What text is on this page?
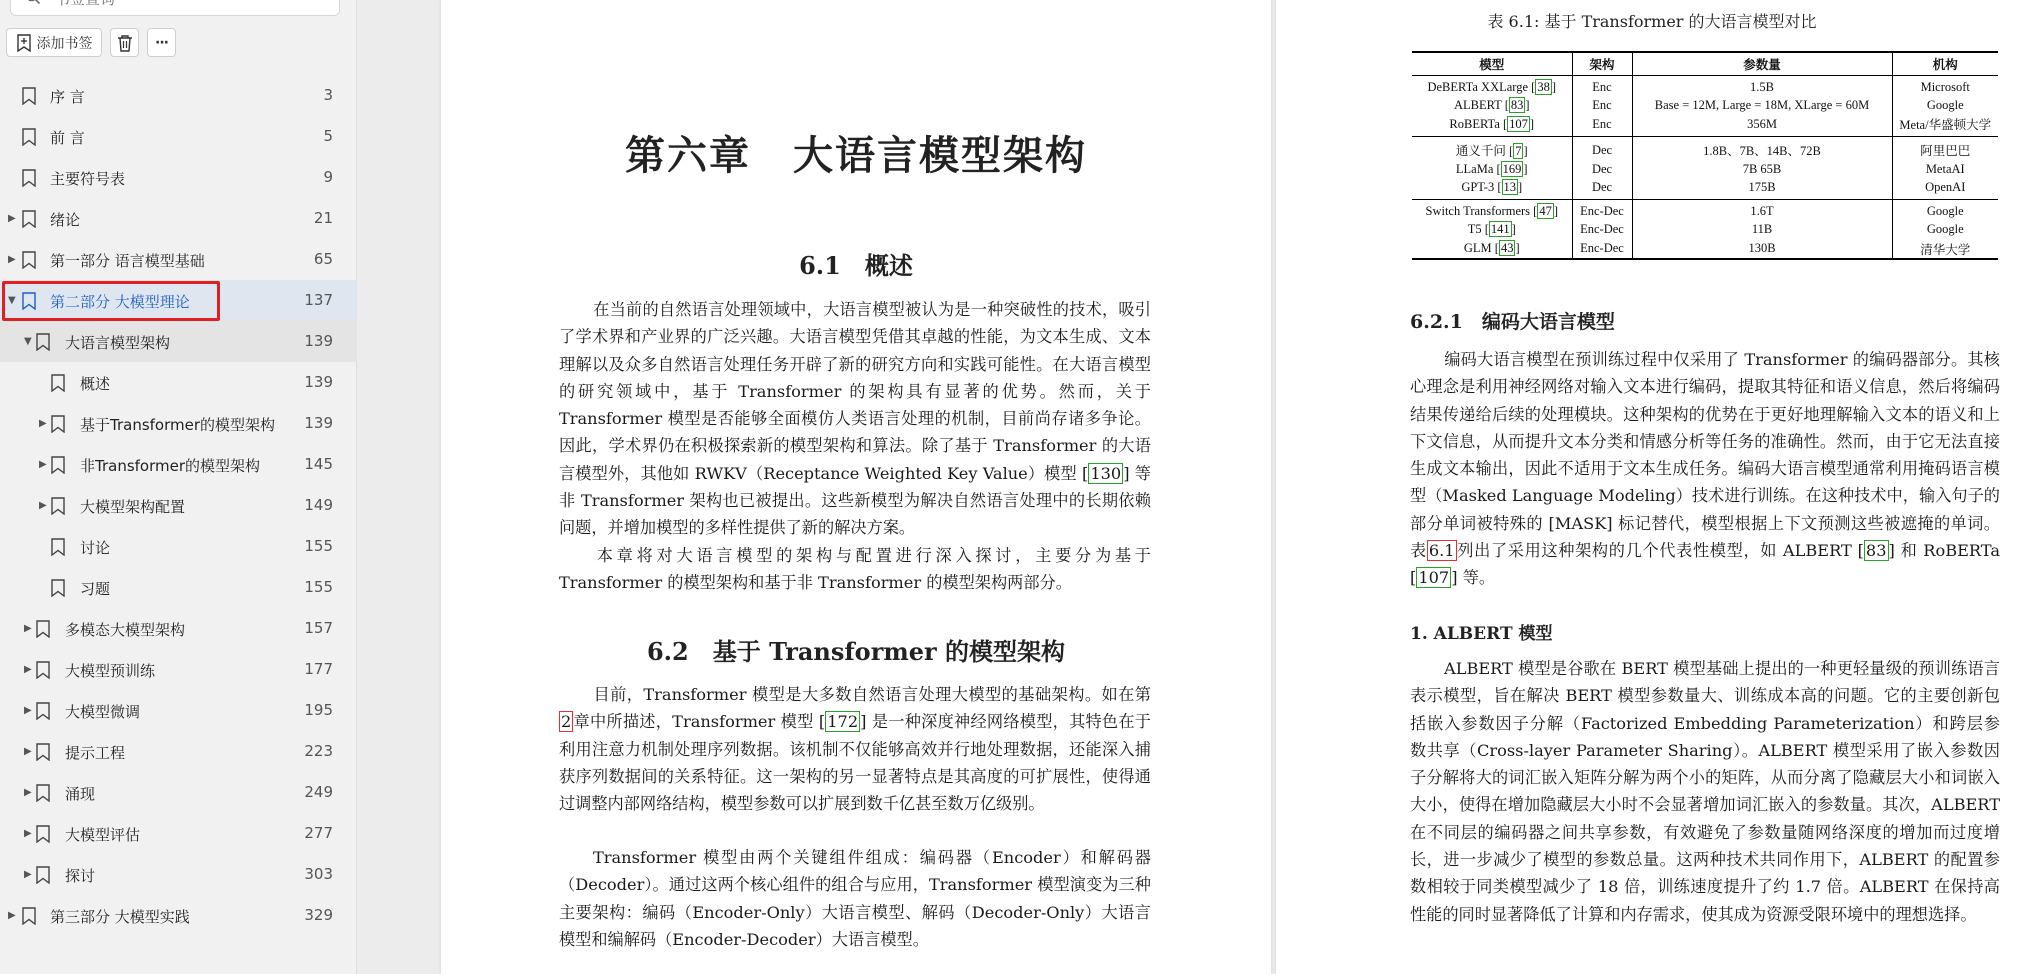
书签查询
添加书签	···
序 言	3
前 言	5
主要符号表	9
▶ 绪论	21
▶ 第一部分 语言模型基础	65
▼ 第二部分 大模型理论	137
▼ 大语言模型架构	139
概述	139
▶ 基于Transformer的模型架构 139
▶ 非Transformer的模型架构	145
▶ 大模型架构配置	149
讨论	155
习题	155
▶ 多模态大模型架构	157
▶ 大模型预训练	177
▶ 大模型微调	195
▶ 提示工程	223
▶ 涌现	249
▶ 大模型评估	277
▶ 探讨	303
▶ 第三部分 大模型实践	329
第六章　大语言模型架构
6.1　概述
在当前的自然语言处理领域中，大语言模型被认为是一种突破性的技术，吸引了学术界和产业界的广泛兴趣。大语言模型凭借其卓越的性能，为文本生成、文本理解以及众多自然语言处理任务开辟了新的研究方向和实践可能性。在大语言模型的研究领域中，基于 Transformer 的架构具有显著的优势。然而，关于 Transformer 模型是否能够全面模仿人类语言处理的机制，目前尚存诸多争论。因此，学术界仍在积极探索新的模型架构和算法。除了基于 Transformer 的大语言模型外，其他如 RWKV（Receptance Weighted Key Value）模型 [ 130 ] 等非 Transformer 架构也已被提出。这些新模型为解决自然语言处理中的长期依赖问题，并增加模型的多样性提供了新的解决方案。
本章将对大语言模型的架构与配置进行深入探讨，主要分为基于 Transformer 的模型架构和基于非 Transformer 的模型架构两部分。
6.2　基于 Transformer 的模型架构
目前，Transformer 模型是大多数自然语言处理大模型的基础架构。如在第2 章中所描述，Transformer 模型 [ 172 ] 是一种深度神经网络模型，其特色在于利用注意力机制处理序列数据。该机制不仅能够高效并行地处理数据，还能深入捕获序列数据间的关系特征。这一架构的另一显著特点是其高度的可扩展性，使得通过调整内部网络结构，模型参数可以扩展到数千亿甚至数万亿级别。
Transformer 模型由两个关键组件组成：编码器（Encoder）和解码器（Decoder）。通过这两个核心组件的组合与应用，Transformer 模型演变为三种主要架构：编码（Encoder-Only）大语言模型、解码（Decoder-Only）大语言模型和编解码（Encoder-Decoder）大语言模型。
表 6.1: 基于 Transformer 的大语言模型对比
模型	架构	参数量	机构
DeBERTa XXLarge [ 38 ]	Enc	1.5B	Microsoft
ALBERT [ 83 ]	Enc	Base = 12M, Large = 18M, XLarge = 60M	Google
RoBERTa [ 107 ]	Enc	356M	Meta/华盛顿大学
通义千问 [ 7 ]	Dec	1.8B、7B、14B、72B	阿里巴巴
LLaMa [ 169 ]	Dec	7B 65B	MetaAI
GPT-3 [ 13 ]	Dec	175B	OpenAI
Switch Transformers [ 47 ]	Enc-Dec	1.6T	Google
T5 [ 141 ]	Enc-Dec	11B	Google
GLM [ 43 ]	Enc-Dec	130B	清华大学
6.2.1　编码大语言模型
编码大语言模型在预训练过程中仅采用了 Transformer 的编码器部分。其核心理念是利用神经网络对输入文本进行编码，提取其特征和语义信息，然后将编码结果传递给后续的处理模块。这种架构的优势在于更好地理解输入文本的语义和上下文信息，从而提升文本分类和情感分析等任务的准确性。然而，由于它无法直接生成文本输出，因此不适用于文本生成任务。编码大语言模型通常利用掩码语言模型（Masked Language Modeling）技术进行训练。在这种技术中，输入句子的部分单词被特殊的 [MASK] 标记替代，模型根据上下文预测这些被遮掩的单词。表 6.1 列出了采用这种架构的几个代表性模型，如 ALBERT [ 83 ] 和 RoBERTa [ 107 ] 等。
1. ALBERT 模型
ALBERT 模型是谷歌在 BERT 模型基础上提出的一种更轻量级的预训练语言表示模型，旨在解决 BERT 模型参数量大、训练成本高的问题。它的主要创新包括嵌入参数因子分解（Factorized Embedding Parameterization）和跨层参数共享（Cross-layer Parameter Sharing）。ALBERT 模型采用了嵌入参数因子分解将大的词汇嵌入矩阵分解为两个小的矩阵，从而分离了隐藏层大小和词嵌入大小，使得在增加隐藏层大小时不会显著增加词汇嵌入的参数量。其次，ALBERT 在不同层的编码器之间共享参数，有效避免了参数量随网络深度的增加而过度增长，进一步减少了模型的参数总量。这两种技术共同作用下，ALBERT 的配置参数相较于同类模型减少了 18 倍，训练速度提升了约 1.7 倍。ALBERT 在保持高性能的同时显著降低了计算和内存需求，使其成为资源受限环境中的理想选择。
